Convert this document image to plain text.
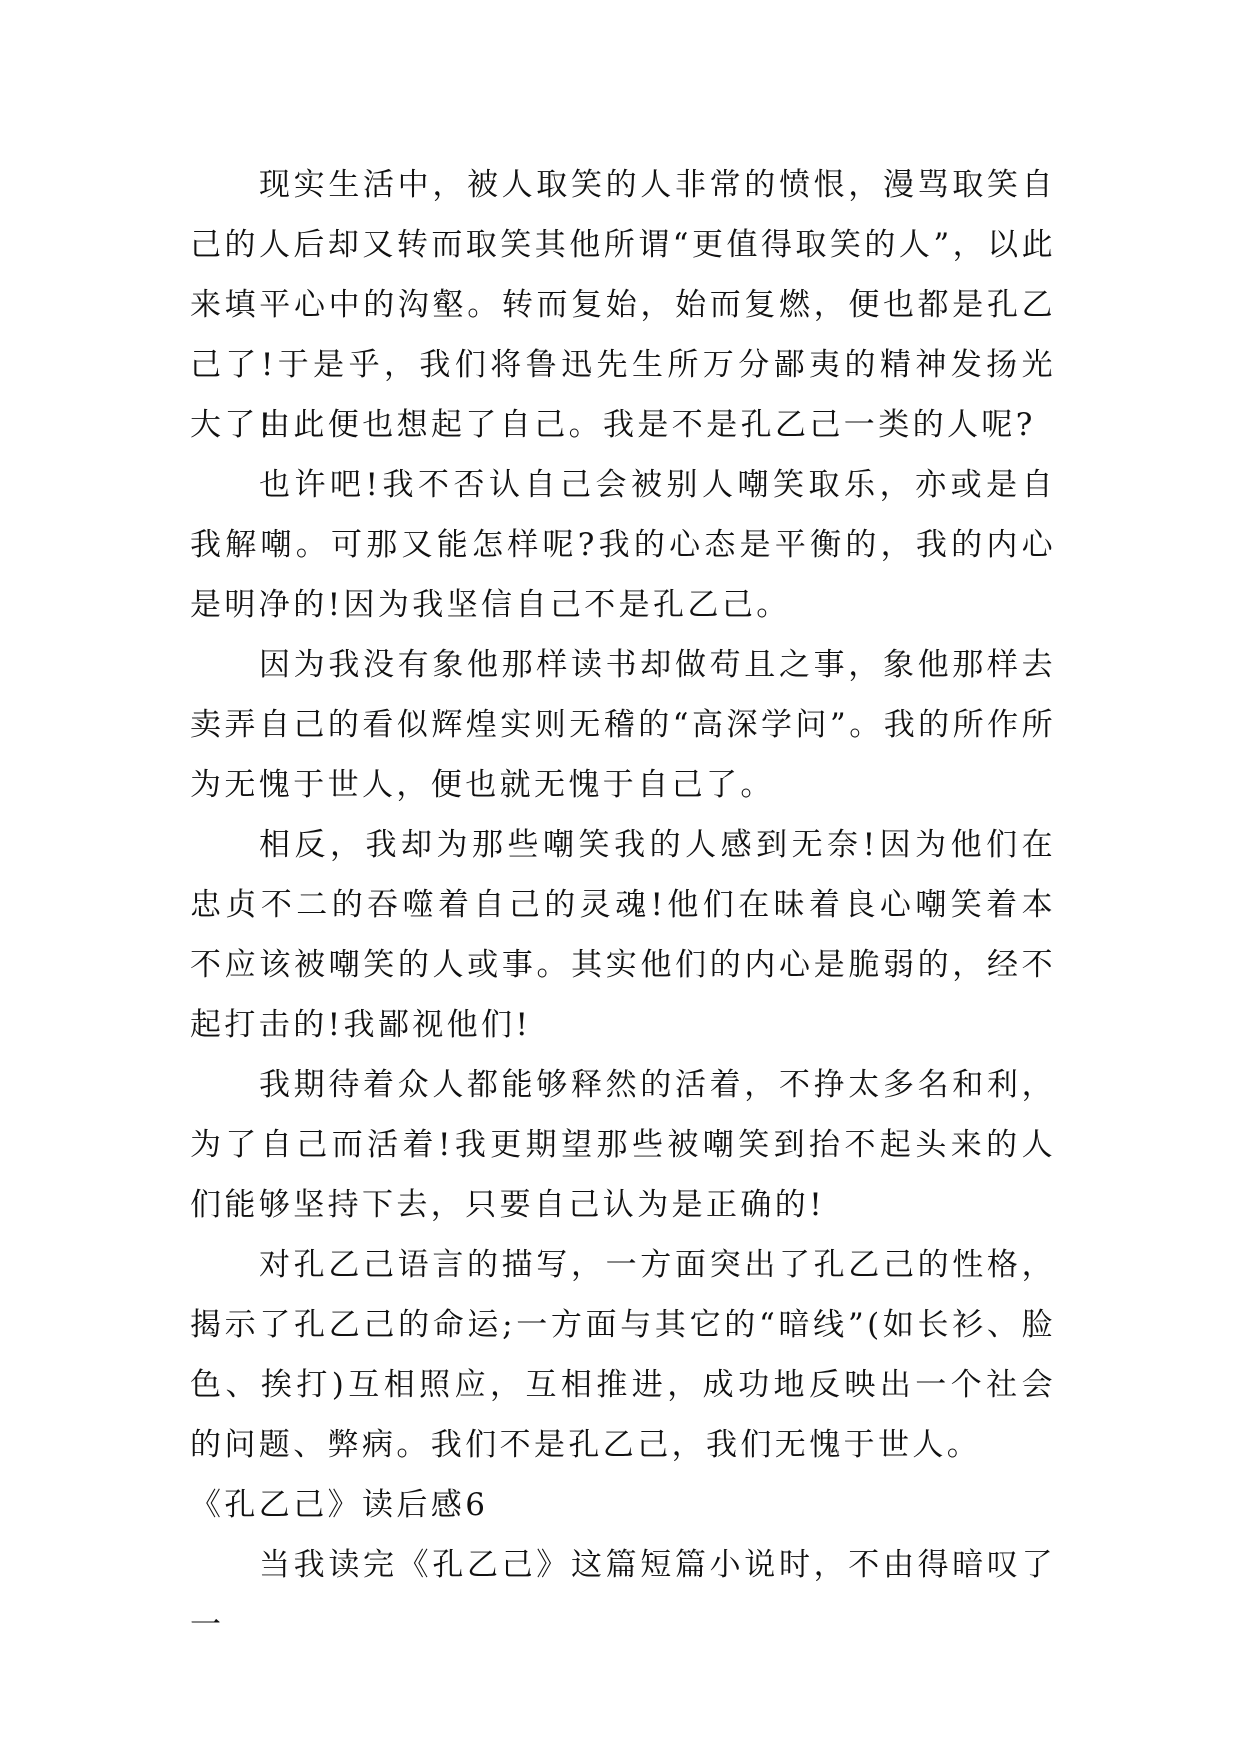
现实生活中，被人取笑的人非常的愤恨，漫骂取笑自己的人后却又转而取笑其他所谓“更值得取笑的人”，以此来填平心中的沟壑。转而复始，始而复燃，便也都是孔乙己了!于是乎，我们将鲁迅先生所万分鄙夷的精神发扬光大了!

由此便也想起了自己。我是不是孔乙己一类的人呢?

也许吧!我不否认自己会被别人嘲笑取乐，亦或是自我解嘲。可那又能怎样呢?我的心态是平衡的，我的内心是明净的!因为我坚信自己不是孔乙己。

因为我没有象他那样读书却做苟且之事，象他那样去卖弄自己的看似辉煌实则无稽的“高深学问”。我的所作所为无愧于世人，便也就无愧于自己了。

相反，我却为那些嘲笑我的人感到无奈!因为他们在忠贞不二的吞噬着自己的灵魂!他们在昧着良心嘲笑着本不应该被嘲笑的人或事。其实他们的内心是脆弱的，经不起打击的!我鄙视他们!

我期待着众人都能够释然的活着，不挣太多名和利，为了自己而活着!我更期望那些被嘲笑到抬不起头来的人们能够坚持下去，只要自己认为是正确的!

对孔乙己语言的描写，一方面突出了孔乙己的性格，揭示了孔乙己的命运;一方面与其它的“暗线”(如长衫、脸色、挨打)互相照应，互相推进，成功地反映出一个社会的问题、弊病。我们不是孔乙己，我们无愧于世人。

《孔乙己》读后感6

当我读完《孔乙己》这篇短篇小说时，不由得暗叹了一
